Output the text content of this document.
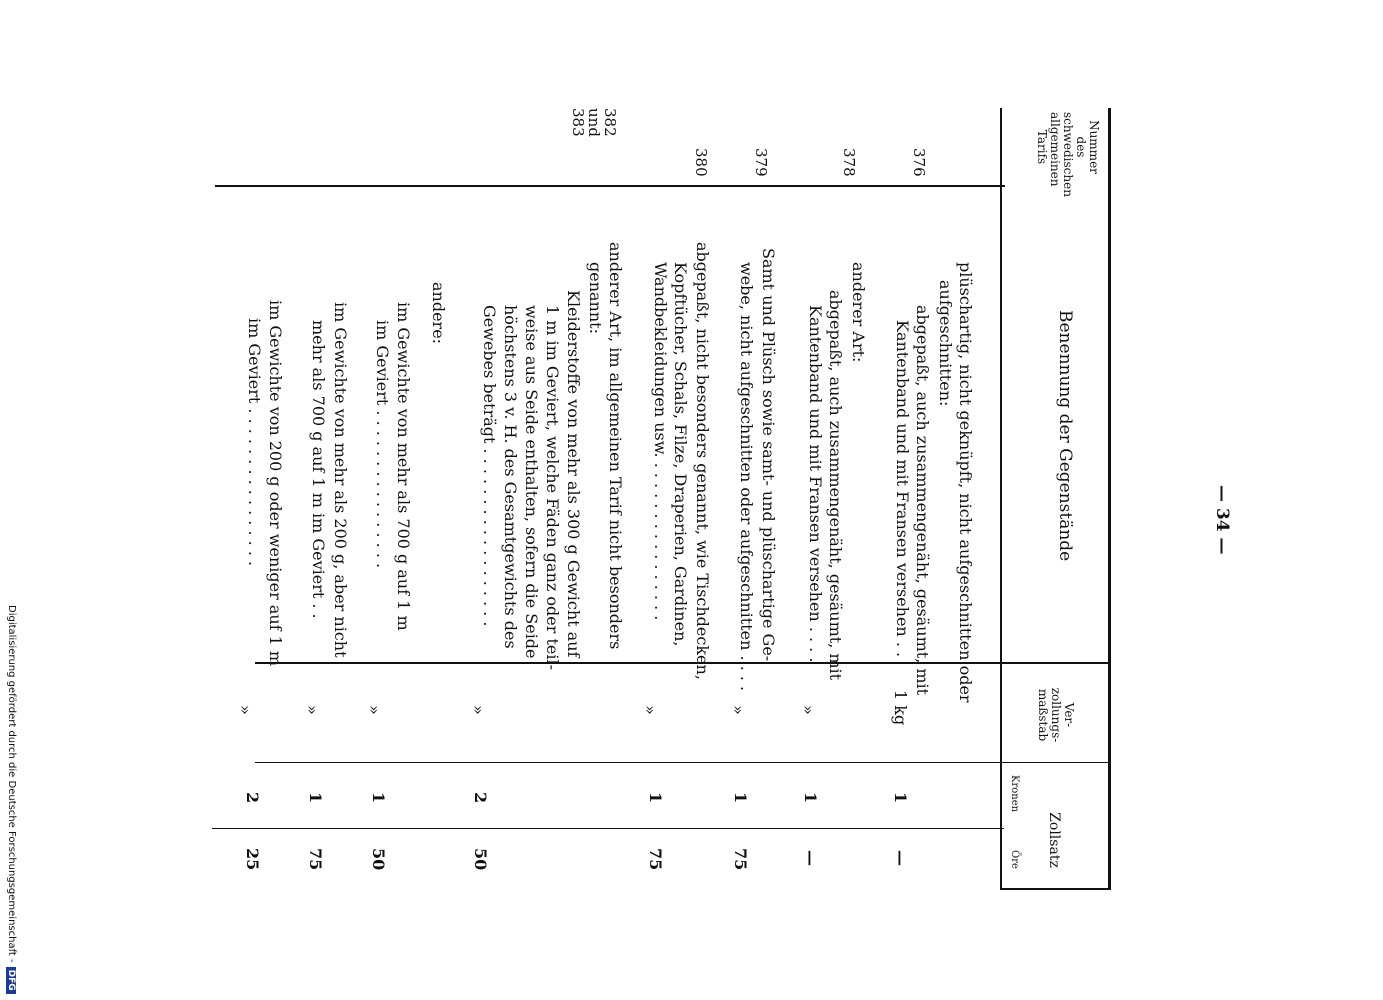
— 34 —
Nummer des schwedischen allgemeinen Tarifs
Benennung der Gegenstände
Ver-zollungs-maßstab
Zollsatz
Kronen
Öre
376
plüschartig, nicht geknüpft, nicht aufgeschnitten oder
aufgeschnitten:
abgepaßt, auch zusammengenäht, gesäumt, mit
Kantenband und mit Fransen versehen . .
1 kg
1
—
378
anderer Art:
abgepaßt, auch zusammengenäht, gesäumt, mit
Kantenband und mit Fransen versehen . . . .
»
1
—
379
Samt und Plüsch sowie samt- und plüschartige Ge-
webe, nicht aufgeschnitten oder aufgeschnitten . . . .
»
1
75
380
abgepaßt, nicht besonders genannt, wie Tischdecken,
Kopftücher, Schals, Filze, Draperien, Gardinen,
Wandbekleidungen usw. . . . . . . . . . . . . . . . .
»
1
75
382 und 383
anderer Art, im allgemeinen Tarif nicht besonders
genannt:
Kleiderstoffe von mehr als 300 g Gewicht auf
1 m im Geviert, welche Fäden ganz oder teil-
weise aus Seide enthalten, sofern die Seide
höchstens 3 v. H. des Gesamtgewichts des
Gewebes beträgt . . . . . . . . . . . . . . . . . .
»
2
50
andere:
im Gewichte von mehr als 700 g auf 1 m
im Geviert . . . . . . . . . . . . . . . .
»
1
50
im Gewichte von mehr als 200 g, aber nicht
mehr als 700 g auf 1 m im Geviert . .
»
1
75
im Gewichte von 200 g oder weniger auf 1 m
im Geviert . . . . . . . . . . . . . . . .
»
2
25
Digitalisierung gefördert durch die Deutsche Forschungsgemeinschaft -DFG
